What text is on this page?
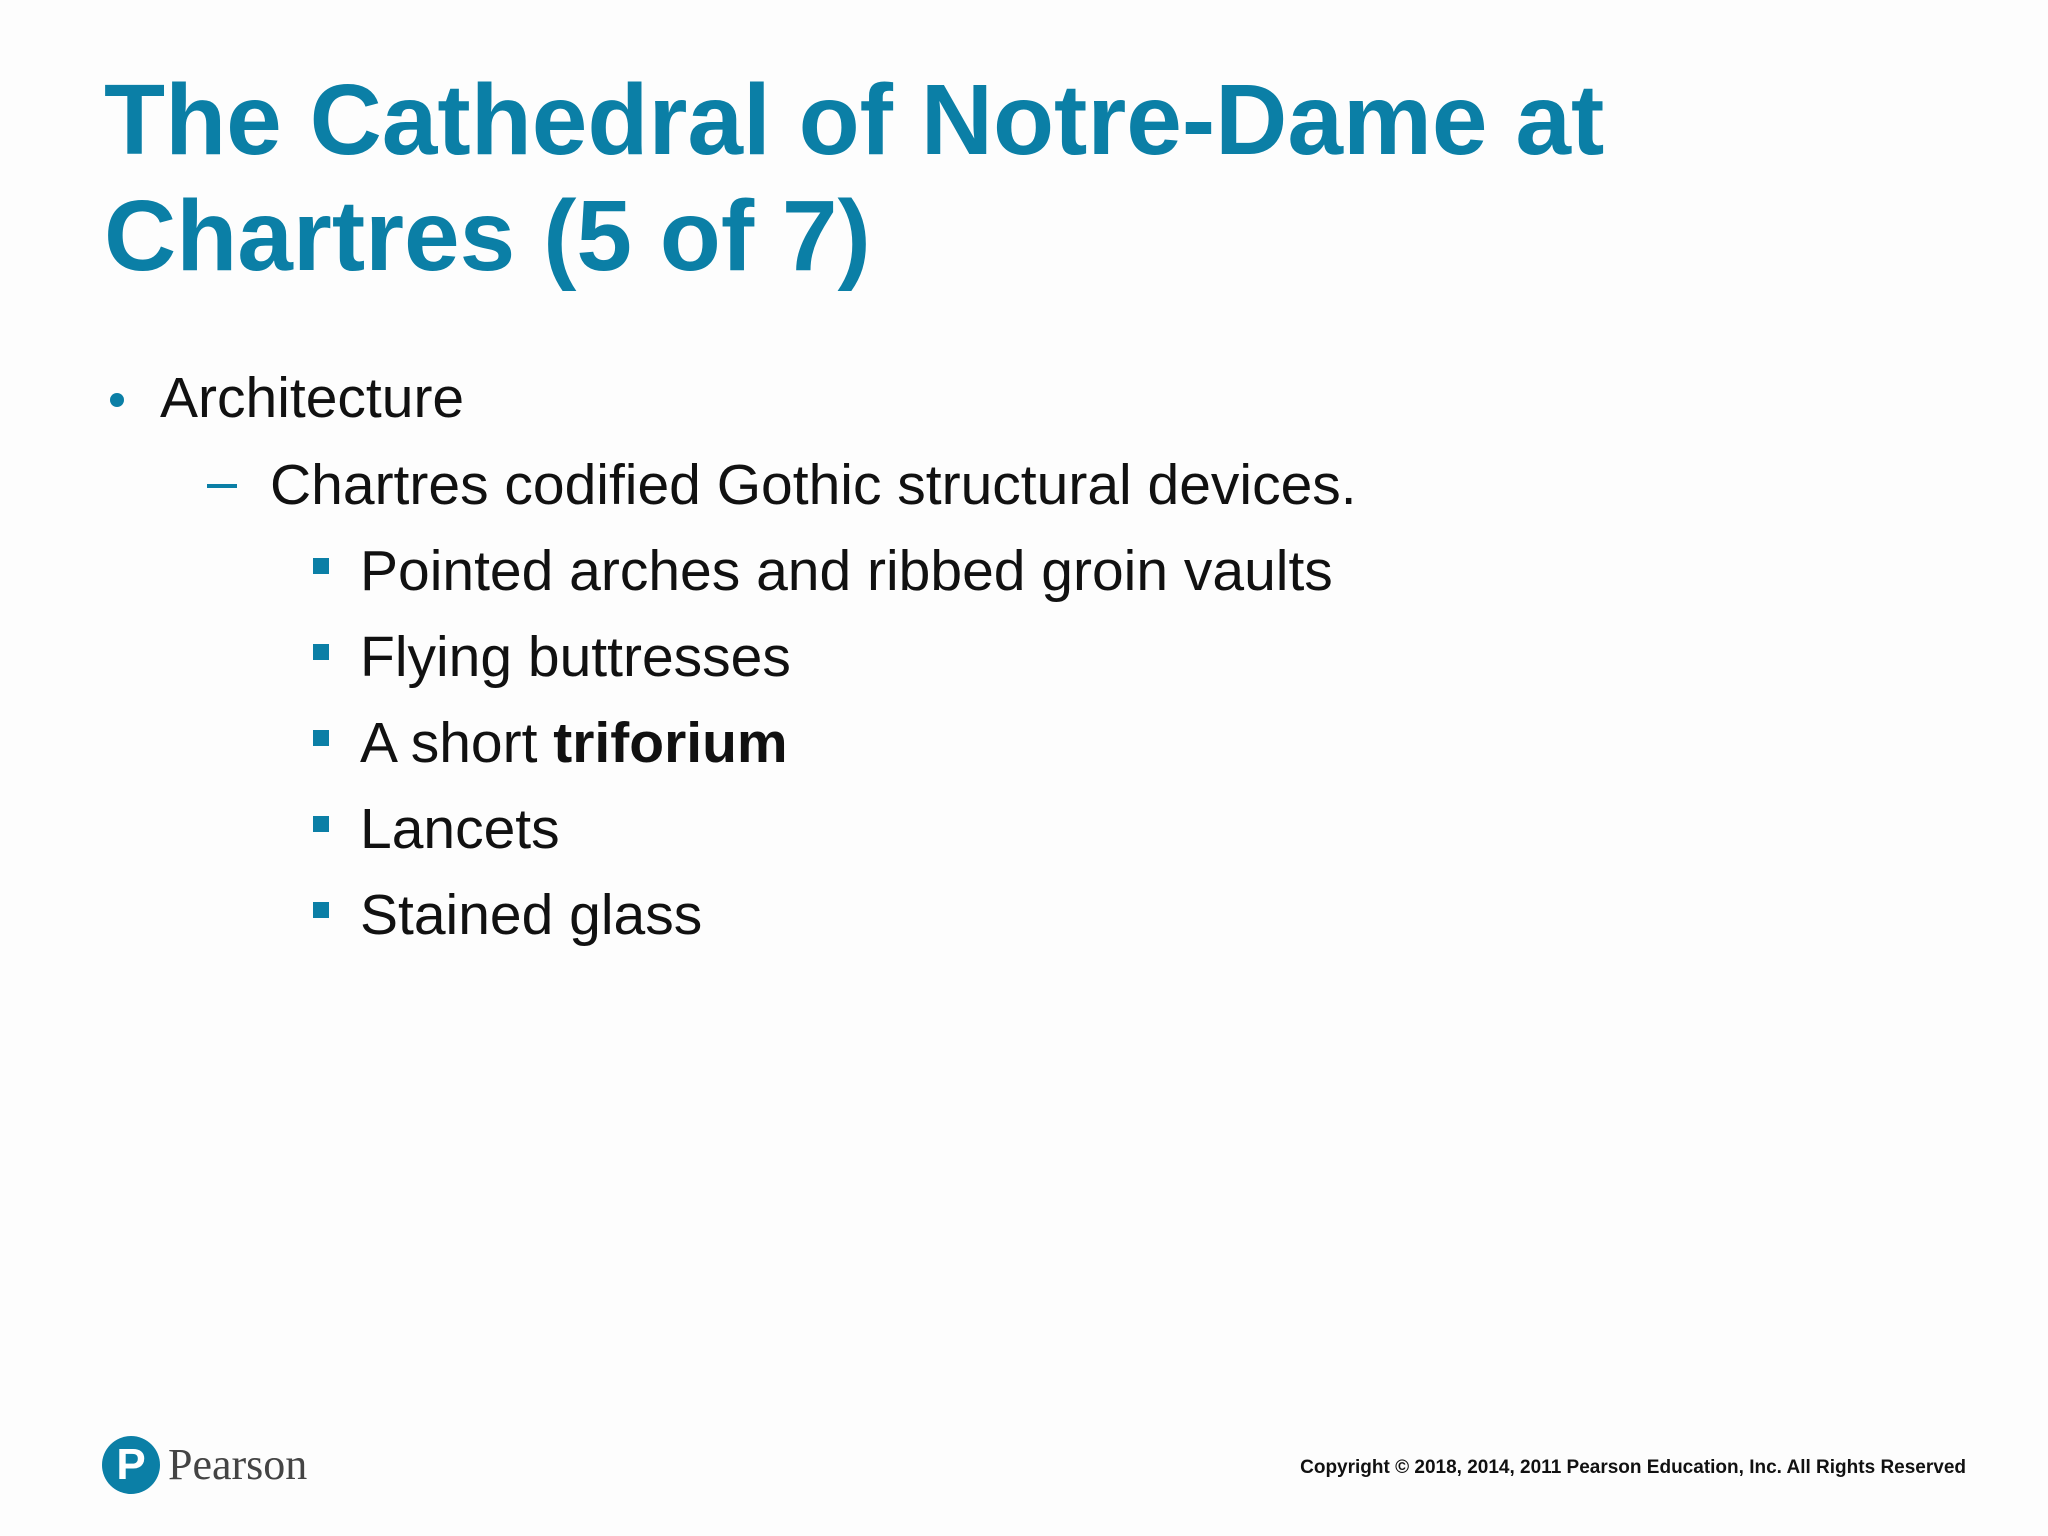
The Cathedral of Notre-Dame at
Chartres (5 of 7)
Architecture
Chartres codified Gothic structural devices.
Pointed arches and ribbed groin vaults
Flying buttresses
A short triforium
Lancets
Stained glass
P Pearson	Copyright © 2018, 2014, 2011 Pearson Education, Inc. All Rights Reserved
